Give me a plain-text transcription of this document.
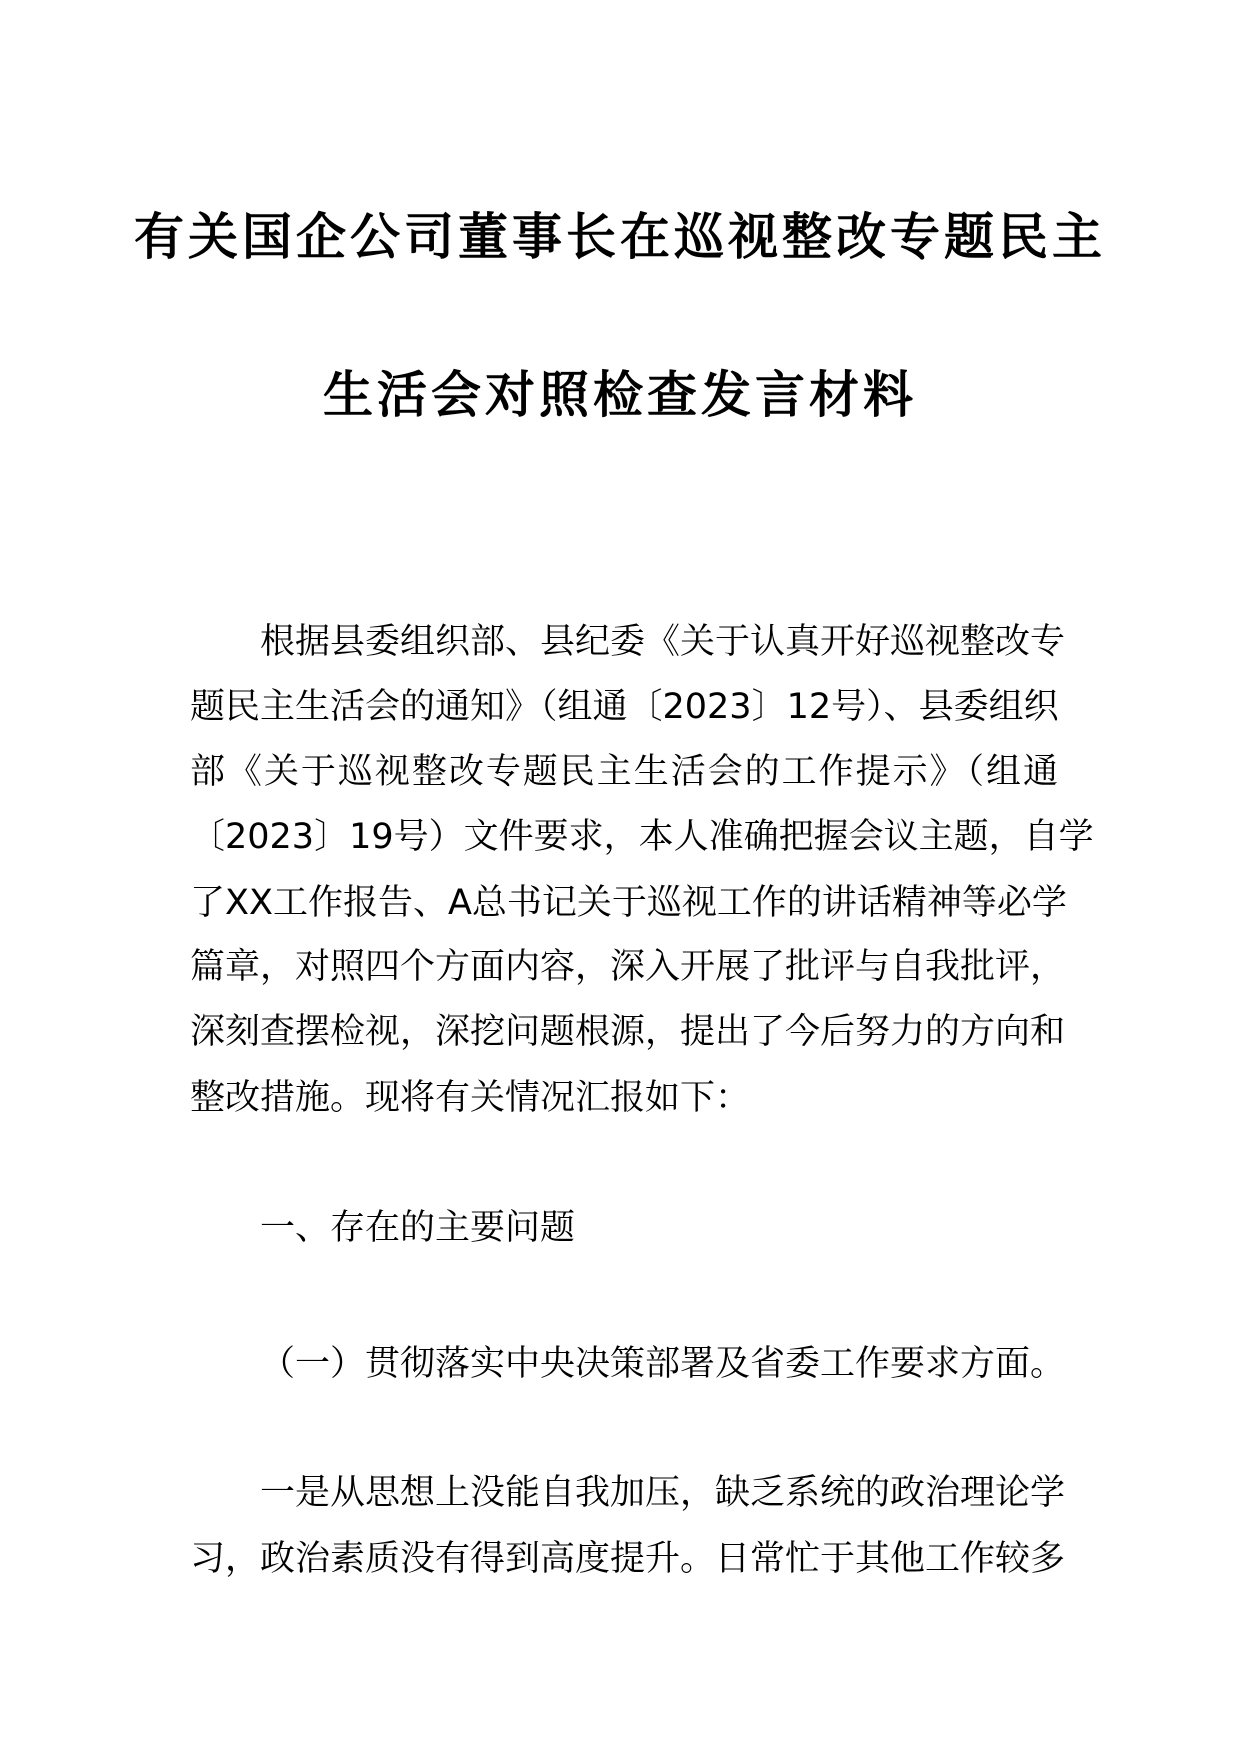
有关国企公司董事长在巡视整改专题民主
生活会对照检查发言材料
根据县委组织部、县纪委《关于认真开好巡视整改专
题民主生活会的通知》（组通〔2023〕12号）、县委组织
部《关于巡视整改专题民主生活会的工作提示》（组通
〔2023〕19号）文件要求，本人准确把握会议主题，自学
了XX工作报告、A总书记关于巡视工作的讲话精神等必学
篇章，对照四个方面内容，深入开展了批评与自我批评，
深刻查摆检视，深挖问题根源，提出了今后努力的方向和
整改措施。现将有关情况汇报如下：
一、存在的主要问题
（一）贯彻落实中央决策部署及省委工作要求方面。
一是从思想上没能自我加压，缺乏系统的政治理论学
习，政治素质没有得到高度提升。日常忙于其他工作较多
